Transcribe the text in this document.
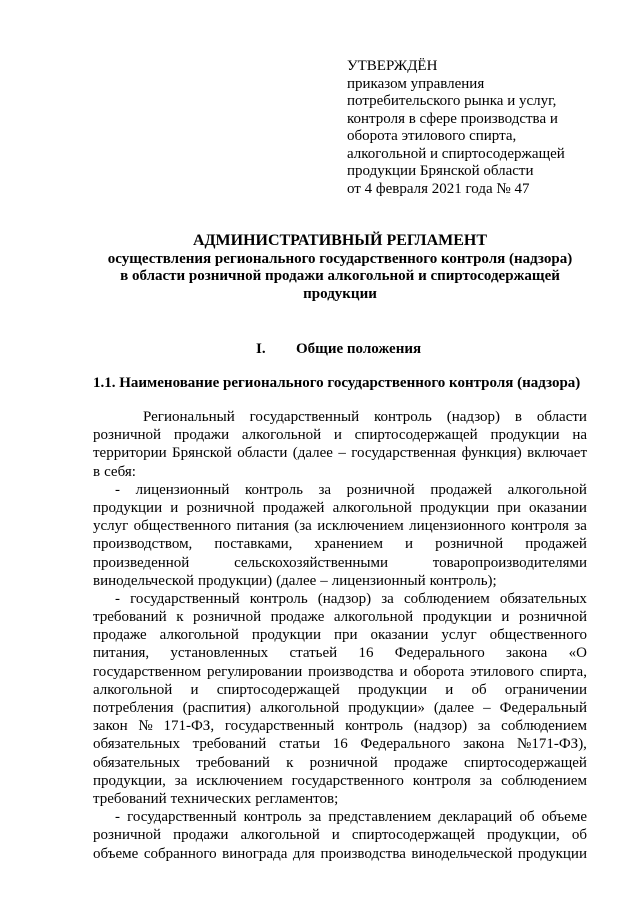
УТВЕРЖДЁН
приказом управления
потребительского рынка и услуг,
контроля в сфере производства и
оборота этилового спирта,
алкогольной и спиртосодержащей
продукции Брянской области
от 4 февраля 2021 года № 47
АДМИНИСТРАТИВНЫЙ РЕГЛАМЕНТ
осуществления регионального государственного контроля (надзора)
в области розничной продажи алкогольной и спиртосодержащей
продукции
I. Общие положения
1.1. Наименование регионального государственного контроля (надзора)
Региональный государственный контроль (надзор) в области
розничной продажи алкогольной и спиртосодержащей продукции на
территории Брянской области (далее – государственная функция) включает
в себя:
- лицензионный контроль за розничной продажей алкогольной
продукции и розничной продажей алкогольной продукции при оказании
услуг общественного питания (за исключением лицензионного контроля за
производством, поставками, хранением и розничной продажей
произведенной	сельскохозяйственными	товаропроизводителями
винодельческой продукции) (далее – лицензионный контроль);
- государственный контроль (надзор) за соблюдением обязательных
требований к розничной продаже алкогольной продукции и розничной
продаже алкогольной продукции при оказании услуг общественного
питания, установленных статьей 16 Федерального закона «О
государственном регулировании производства и оборота этилового спирта,
алкогольной и спиртосодержащей продукции и об ограничении
потребления (распития) алкогольной продукции» (далее – Федеральный
закон № 171-ФЗ, государственный контроль (надзор) за соблюдением
обязательных требований статьи 16 Федерального закона №171-ФЗ),
обязательных требований к розничной продаже спиртосодержащей
продукции, за исключением государственного контроля за соблюдением
требований технических регламентов;
- государственный контроль за представлением деклараций об объеме
розничной продажи алкогольной и спиртосодержащей продукции, об
объеме собранного винограда для производства винодельческой продукции
